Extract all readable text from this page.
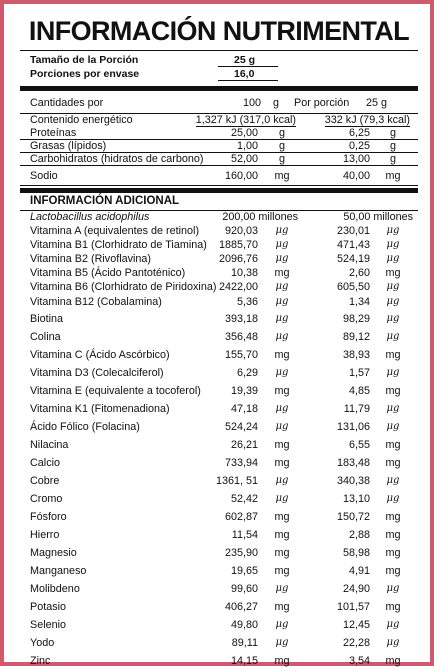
INFORMACIÓN NUTRIMENTAL
Tamaño de la Porción	25 g
Porciones por envase	16,0
Cantidades por	100 g Por porción 25 g
Contenido energético	1,327 kJ (317,0 kcal)	332 kJ (79,3 kcal)
Proteínas	25,00	g	6,25	g
Grasas (lípidos)	1,00	g	0,25	g
Carbohidratos (hidratos de carbono)	52,00	g	13,00	g
Sodio	160,00	mg	40,00	mg
INFORMACIÓN ADICIONAL
Lactobacillus acidophilus	200,00 millones	50,00 millones
Vitamina A (equivalentes de retinol) 920,03	μg	230,01	μg
Vitamina B1 (Clorhidrato de Tiamina) 1885,70	μg	471,43	μg
Vitamina B2 (Rivoflavina)	2096,76	μg	524,19	μg
Vitamina B5 (Ácido Pantoténico)	10,38	mg	2,60	mg
Vitamina B6 (Clorhidrato de Piridoxina) 2422,00	μg	605,50	μg
Vitamina B12 (Cobalamina)	5,36	μg	1,34	μg
Biotina	393,18	μg	98,29	μg
Colina	356,48	μg	89,12	μg
Vitamina C (Ácido Ascórbico)	155,70	mg	38,93	mg
Vitamina D3 (Colecalciferol)	6,29	μg	1,57	μg
Vitamina E (equivalente a tocoferol)	19,39	mg	4,85	mg
Vitamina K1 (Fitomenadiona)	47,18	μg	11,79	μg
Ácido Fólico (Folacina)	524,24	μg	131,06	μg
Nilacina	26,21	mg	6,55	mg
Calcio	733,94	mg	183,48	mg
Cobre	1361, 51	μg	340,38	μg
Cromo	52,42	μg	13,10	μg
Fósforo	602,87	mg	150,72	mg
Hierro	11,54	mg	2,88	mg
Magnesio	235,90	mg	58,98	mg
Manganeso	19,65	mg	4,91	mg
Molibdeno	99,60	μg	24,90	μg
Potasio	406,27	mg	101,57	mg
Selenio	49,80	μg	12,45	μg
Yodo	89,11	μg	22,28	μg
Zinc	14,15	mg	3,54	mg
